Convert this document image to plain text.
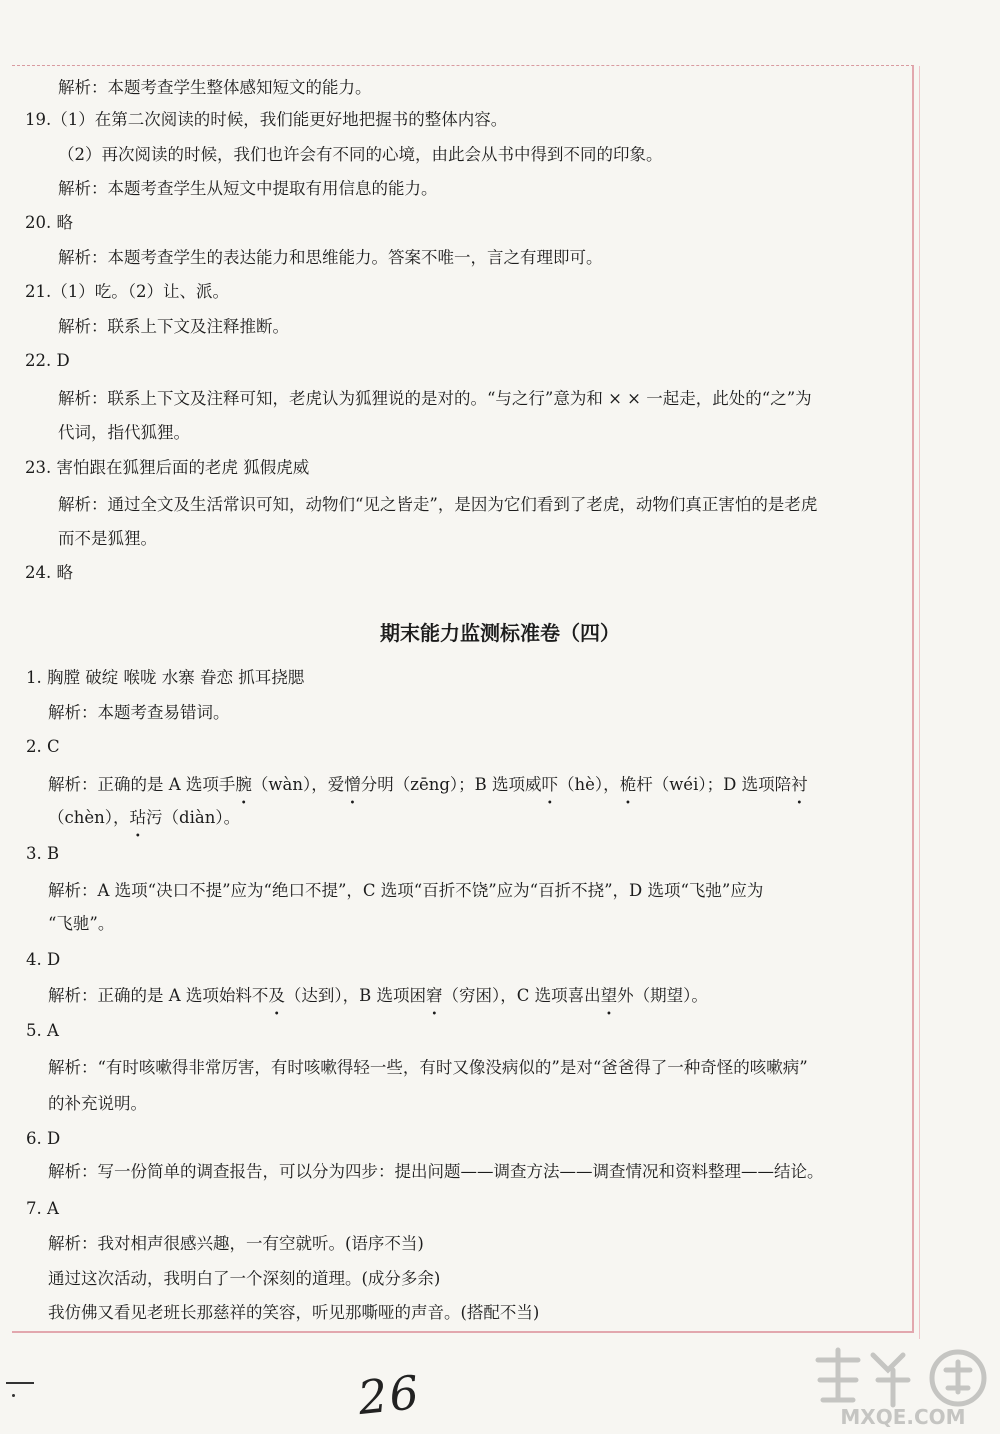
解析：本题考查学生整体感知短文的能力。
19.（1）在第二次阅读的时候，我们能更好地把握书的整体内容。
（2）再次阅读的时候，我们也许会有不同的心境，由此会从书中得到不同的印象。
解析：本题考查学生从短文中提取有用信息的能力。
20. 略
解析：本题考查学生的表达能力和思维能力。答案不唯一，言之有理即可。
21.（1）吃。（2）让、派。
解析：联系上下文及注释推断。
22. D
解析：联系上下文及注释可知，老虎认为狐狸说的是对的。“与之行”意为和 × × 一起走，此处的“之”为
代词，指代狐狸。
23. 害怕跟在狐狸后面的老虎 狐假虎威
解析：通过全文及生活常识可知，动物们“见之皆走”，是因为它们看到了老虎，动物们真正害怕的是老虎
而不是狐狸。
24. 略
期末能力监测标准卷（四）
1. 胸膛 破绽 喉咙 水寨 眷恋 抓耳挠腮
解析：本题考查易错词。
2. C
解析：正确的是 A 选项手腕（wàn），爱憎分明（zēng）；B 选项威吓（hè），桅杆（wéi）；D 选项陪衬
（chèn），玷污（diàn）。
3. B
解析：A 选项“决口不提”应为“绝口不提”，C 选项“百折不饶”应为“百折不挠”，D 选项“飞弛”应为
“飞驰”。
4. D
解析：正确的是 A 选项始料不及（达到），B 选项困窘（穷困），C 选项喜出望外（期望）。
5. A
解析：“有时咳嗽得非常厉害，有时咳嗽得轻一些，有时又像没病似的”是对“爸爸得了一种奇怪的咳嗽病”
的补充说明。
6. D
解析：写一份简单的调查报告，可以分为四步：提出问题——调查方法——调查情况和资料整理——结论。
7. A
解析：我对相声很感兴趣，一有空就听。(语序不当)
通过这次活动，我明白了一个深刻的道理。(成分多余)
我仿佛又看见老班长那慈祥的笑容，听见那嘶哑的声音。(搭配不当)
26	MXQE.COM
